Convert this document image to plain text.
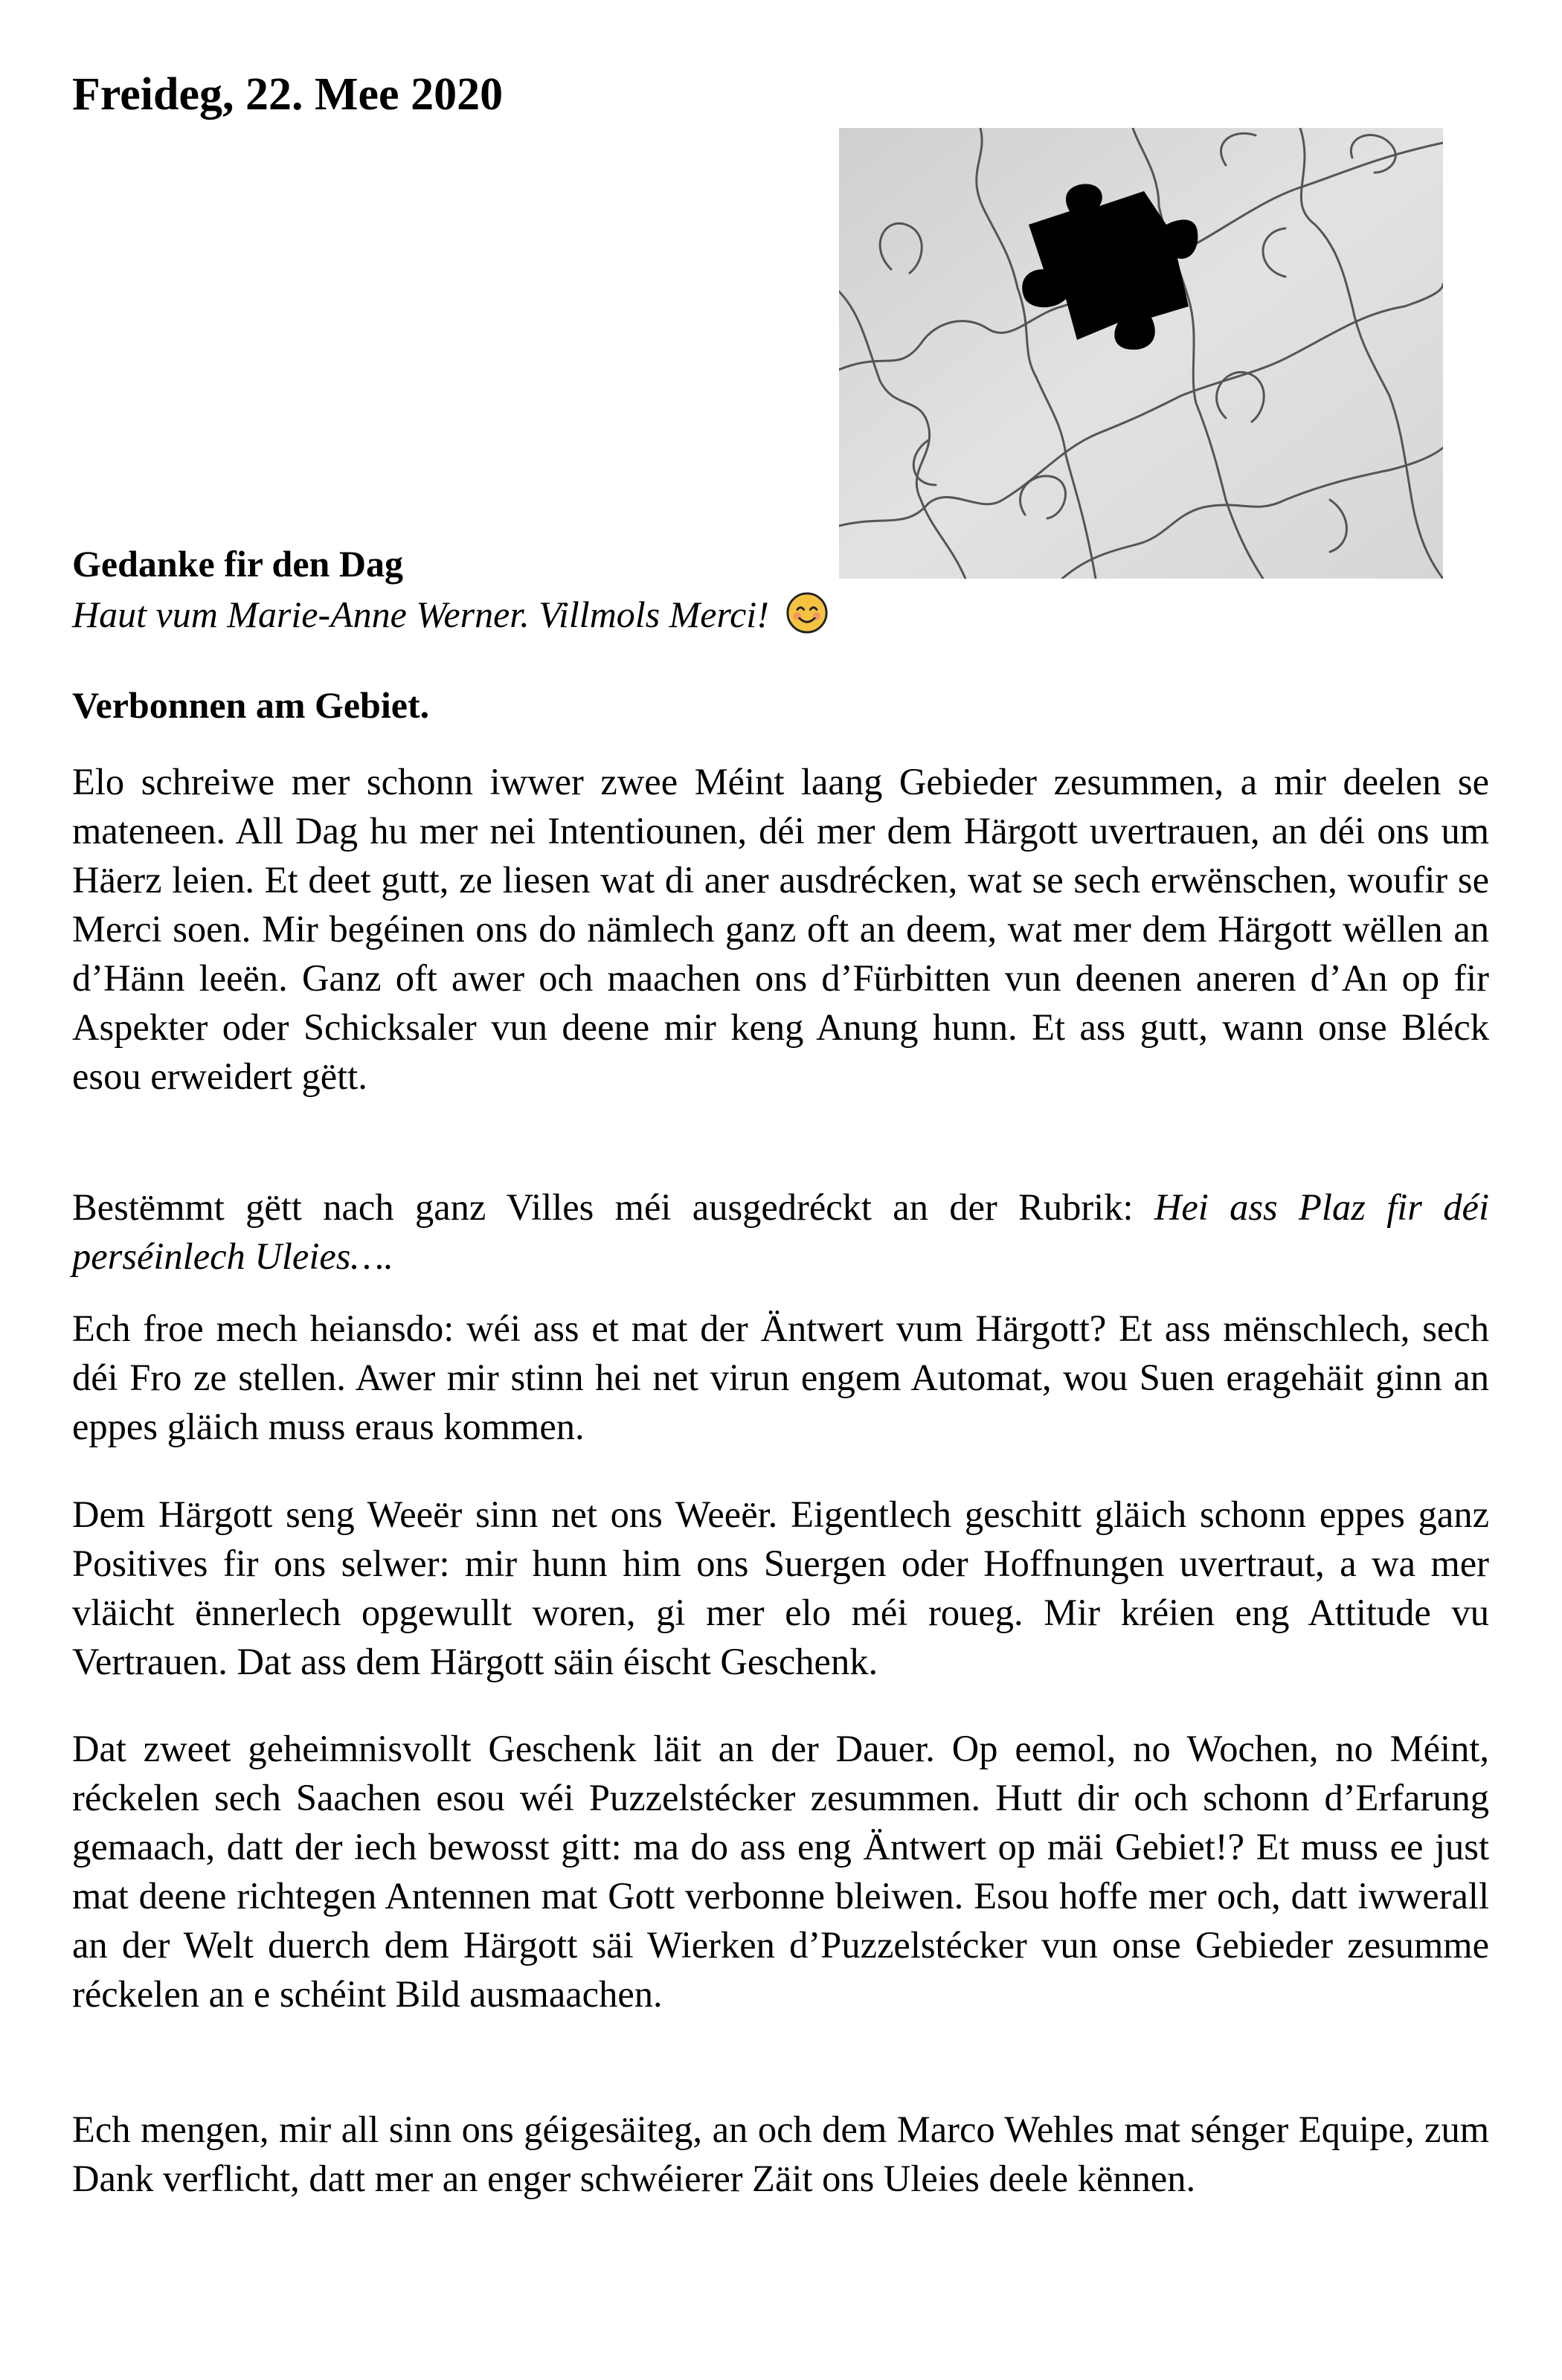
Freideg, 22. Mee 2020
Gedanke fir den Dag

Haut vum Marie-Anne Werner. Villmols Merci!

Verbonnen am Gebiet.

Elo schreiwe mer schonn iwwer zwee Méint laang Gebieder zesummen, a mir deelen se mateneen. All Dag hu mer nei Intentiounen, déi mer dem Härgott uvertrauen, an déi ons um Häerz leien. Et deet gutt, ze liesen wat di aner ausdrécken, wat se sech erwënschen, woufir se Merci soen. Mir begéinen ons do nämlech ganz oft an deem, wat mer dem Härgott wëllen an d’Hänn leeën. Ganz oft awer och maachen ons d’Fürbitten vun deenen aneren d’An op fir Aspekter oder Schicksaler vun deene mir keng Anung hunn. Et ass gutt, wann onse Bléck esou erweidert gëtt.

Bestëmmt gëtt nach ganz Villes méi ausgedréckt an der Rubrik: Hei ass Plaz fir déi perséinlech Uleies….

Ech froe mech heiansdo: wéi ass et mat der Äntwert vum Härgott? Et ass mënschlech, sech déi Fro ze stellen. Awer mir stinn hei net virun engem Automat, wou Suen eragehäit ginn an eppes gläich muss eraus kommen.

Dem Härgott seng Weeër sinn net ons Weeër. Eigentlech geschitt gläich schonn eppes ganz Positives fir ons selwer: mir hunn him ons Suergen oder Hoffnungen uvertraut, a wa mer vläicht ënnerlech opgewullt woren, gi mer elo méi roueg. Mir kréien eng Attitude vu Vertrauen. Dat ass dem Härgott säin éischt Geschenk.

Dat zweet geheimnisvollt Geschenk läit an der Dauer. Op eemol, no Wochen, no Méint, réckelen sech Saachen esou wéi Puzzelstécker zesummen. Hutt dir och schonn d’Erfarung gemaach, datt der iech bewosst gitt: ma do ass eng Äntwert op mäi Gebiet!? Et muss ee just mat deene richtegen Antennen mat Gott verbonne bleiwen. Esou hoffe mer och, datt iwwerall an der Welt duerch dem Härgott säi Wierken d’Puzzelstécker vun onse Gebieder zesumme réckelen an e schéint Bild ausmaachen.

Ech mengen, mir all sinn ons géigesäiteg, an och dem Marco Wehles mat sénger Equipe, zum Dank verflicht, datt mer an enger schwéierer Zäit ons Uleies deele kënnen.
